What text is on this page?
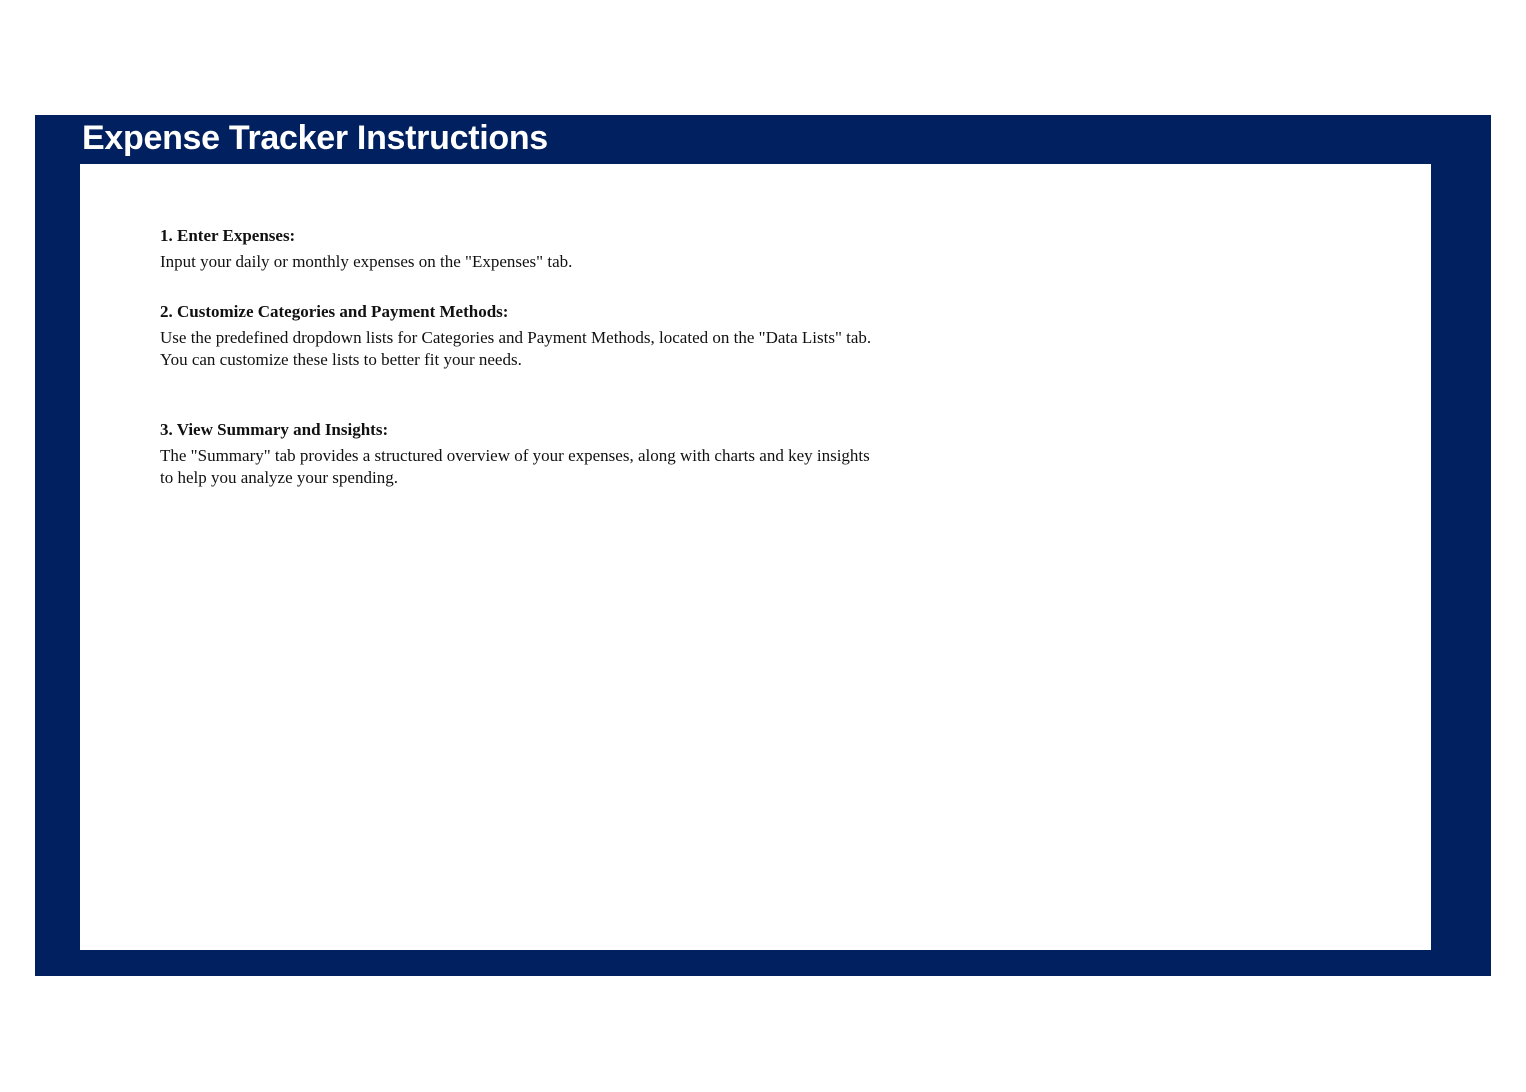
Expense Tracker Instructions
1. Enter Expenses:
Input your daily or monthly expenses on the "Expenses" tab.
2. Customize Categories and Payment Methods:
Use the predefined dropdown lists for Categories and Payment Methods, located on the "Data Lists" tab. You can customize these lists to better fit your needs.
3. View Summary and Insights:
The "Summary" tab provides a structured overview of your expenses, along with charts and key insights to help you analyze your spending.
